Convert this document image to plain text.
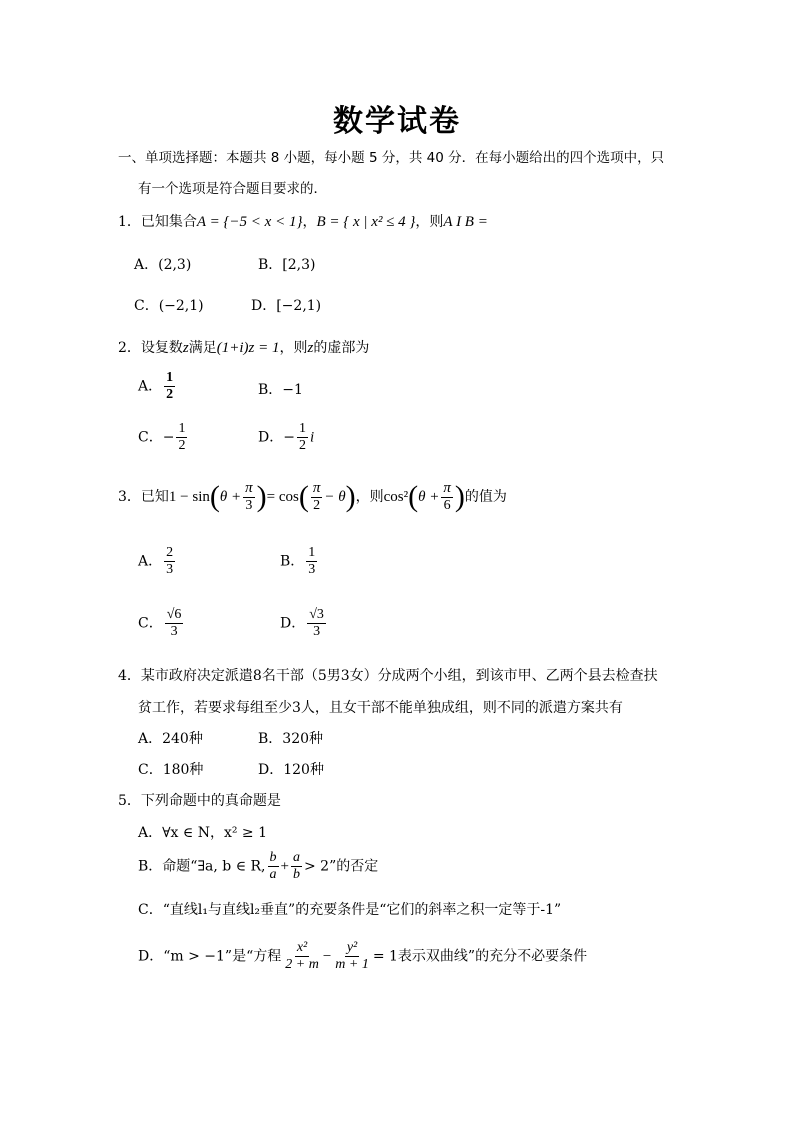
数学试卷
一、单项选择题：本题共 8 小题，每小题 5 分，共 40 分．在每小题给出的四个选项中，只
有一个选项是符合题目要求的．
1．已知集合A = {−5 < x < 1}，B = { x | x² ≤ 4 }，则A I B =
A．(2,3)	B．[2,3)
C．(−2,1)	D．[−2,1)
2．设复数z满足(1+i)z = 1，则z的虚部为
A． $\frac{1}{2}$	B．−1
C．− $\frac{1}{2}$	D．− $\frac{1}{2}$ i
3．已知$1 - \sin(\theta + \frac{\pi}{3}$ )= $\cos( \frac{\pi}{2} - \theta)$，则$\cos^2(\theta + \frac{\pi}{6}$ )的值为
A． $\frac{2}{3}$	B． $\frac{1}{3}$
C． $\frac{√6}{3}$	D． $\frac{√3}{3}$
4．某市政府决定派遣8名干部（5男3女）分成两个小组，到该市甲、乙两个县去检查扶
贫工作，若要求每组至少3人，且女干部不能单独成组，则不同的派遣方案共有
A．240种	B．320种
C．180种	D．120种
5．下列命题中的真命题是
A．∀x ∈ N，x² ≥ 1
B．命题“∃a, b ∈ R, $\frac{b}{a} + \frac{a}{b} > 2$”的否定
C．“直线l₁与直线l₂垂直”的充要条件是“它们的斜率之积一定等于-1”
D．“m > −1”是“方程 $\frac{\text{x²}}{2 + m} - \frac{\text{y²}}{m + 1} = 1$表示双曲线”的充分不必要条件
